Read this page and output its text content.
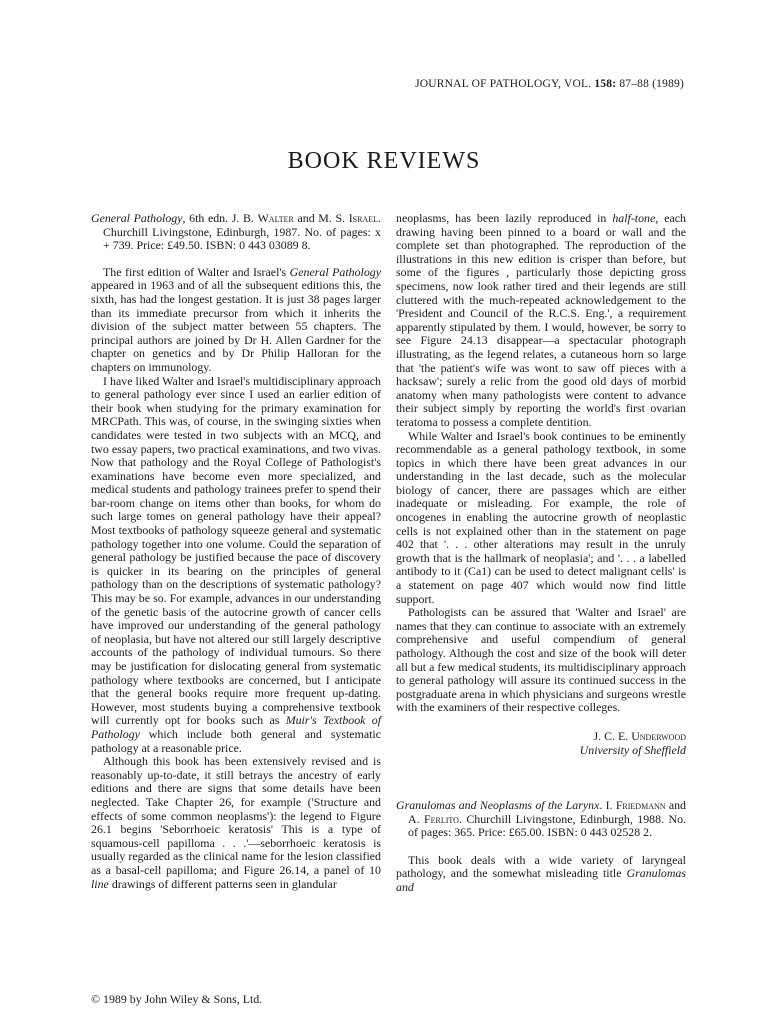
JOURNAL OF PATHOLOGY, VOL. 158: 87–88 (1989)
BOOK REVIEWS

General Pathology, 6th edn. J. B. Walter and M. S. Israel. Churchill Livingstone, Edinburgh, 1987. No. of pages: x + 739. Price: £49.50. ISBN: 0 443 03089 8.

The first edition of Walter and Israel's General Pathology appeared in 1963 and of all the subsequent editions this, the sixth, has had the longest gestation. It is just 38 pages larger than its immediate precursor from which it inherits the division of the subject matter between 55 chapters. The principal authors are joined by Dr H. Allen Gardner for the chapter on genetics and by Dr Philip Halloran for the chapters on immunology.

I have liked Walter and Israel's multidisciplinary approach to general pathology ever since I used an earlier edition of their book when studying for the primary examination for MRCPath. This was, of course, in the swinging sixties when candidates were tested in two subjects with an MCQ, and two essay papers, two practical examinations, and two vivas. Now that pathology and the Royal College of Pathologist's examinations have become even more specialized, and medical students and pathology trainees prefer to spend their bar-room change on items other than books, for whom do such large tomes on general pathology have their appeal? Most textbooks of pathology squeeze general and systematic pathology together into one volume. Could the separation of general pathology be justified because the pace of discovery is quicker in its bearing on the principles of general pathology than on the descriptions of systematic pathology? This may be so. For example, advances in our understanding of the genetic basis of the autocrine growth of cancer cells have improved our understanding of the general pathology of neoplasia, but have not altered our still largely descriptive accounts of the pathology of individual tumours. So there may be justification for dislocating general from systematic pathology where textbooks are concerned, but I anticipate that the general books require more frequent up-dating. However, most students buying a comprehensive textbook will currently opt for books such as Muir's Textbook of Pathology which include both general and systematic pathology at a reasonable price.

Although this book has been extensively revised and is reasonably up-to-date, it still betrays the ancestry of early editions and there are signs that some details have been neglected. Take Chapter 26, for example ('Structure and effects of some common neoplasms'): the legend to Figure 26.1 begins 'Seborrhoeic keratosis' This is a type of squamous-cell papilloma . . .'—seborrhoeic keratosis is usually regarded as the clinical name for the lesion classified as a basal-cell papilloma; and Figure 26.14, a panel of 10 line drawings of different patterns seen in glandular

neoplasms, has been lazily reproduced in half-tone, each drawing having been pinned to a board or wall and the complete set than photographed. The reproduction of the illustrations in this new edition is crisper than before, but some of the figures , particularly those depicting gross specimens, now look rather tired and their legends are still cluttered with the much-repeated acknowledgement to the 'President and Council of the R.C.S. Eng.', a requirement apparently stipulated by them. I would, however, be sorry to see Figure 24.13 disappear—a spectacular photograph illustrating, as the legend relates, a cutaneous horn so large that 'the patient's wife was wont to saw off pieces with a hacksaw'; surely a relic from the good old days of morbid anatomy when many pathologists were content to advance their subject simply by reporting the world's first ovarian teratoma to possess a complete dentition.

While Walter and Israel's book continues to be eminently recommendable as a general pathology textbook, in some topics in which there have been great advances in our understanding in the last decade, such as the molecular biology of cancer, there are passages which are either inadequate or misleading. For example, the role of oncogenes in enabling the autocrine growth of neoplastic cells is not explained other than in the statement on page 402 that '. . . other alterations may result in the unruly growth that is the hallmark of neoplasia'; and '. . . a labelled antibody to it (Ca1) can be used to detect malignant cells' is a statement on page 407 which would now find little support.

Pathologists can be assured that 'Walter and Israel' are names that they can continue to associate with an extremely comprehensive and useful compendium of general pathology. Although the cost and size of the book will deter all but a few medical students, its multidisciplinary approach to general pathology will assure its continued success in the postgraduate arena in which physicians and surgeons wrestle with the examiners of their respective colleges.

J. C. E. Underwood
University of Sheffield

Granulomas and Neoplasms of the Larynx. I. Friedmann and A. Ferlito. Churchill Livingstone, Edinburgh, 1988. No. of pages: 365. Price: £65.00. ISBN: 0 443 02528 2.

This book deals with a wide variety of laryngeal pathology, and the somewhat misleading title Granulomas and

© 1989 by John Wiley & Sons, Ltd.
